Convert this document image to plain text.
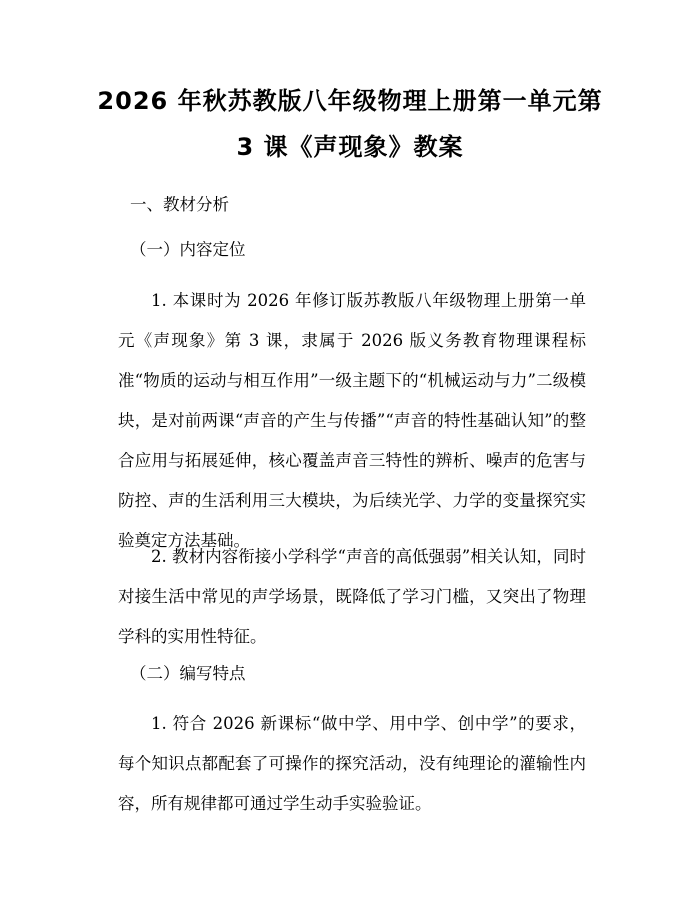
2026 年秋苏教版八年级物理上册第一单元第
3 课《声现象》教案

一、教材分析

（一）内容定位

1. 本课时为 2026 年修订版苏教版八年级物理上册第一单元《声现象》第 3 课，隶属于 2026 版义务教育物理课程标准“物质的运动与相互作用”一级主题下的“机械运动与力”二级模块，是对前两课“声音的产生与传播”“声音的特性基础认知”的整合应用与拓展延伸，核心覆盖声音三特性的辨析、噪声的危害与防控、声的生活利用三大模块，为后续光学、力学的变量探究实验奠定方法基础。

2. 教材内容衔接小学科学“声音的高低强弱”相关认知，同时对接生活中常见的声学场景，既降低了学习门槛，又突出了物理学科的实用性特征。

（二）编写特点

1. 符合 2026 新课标“做中学、用中学、创中学”的要求，每个知识点都配套了可操作的探究活动，没有纯理论的灌输性内容，所有规律都可通过学生动手实验验证。
